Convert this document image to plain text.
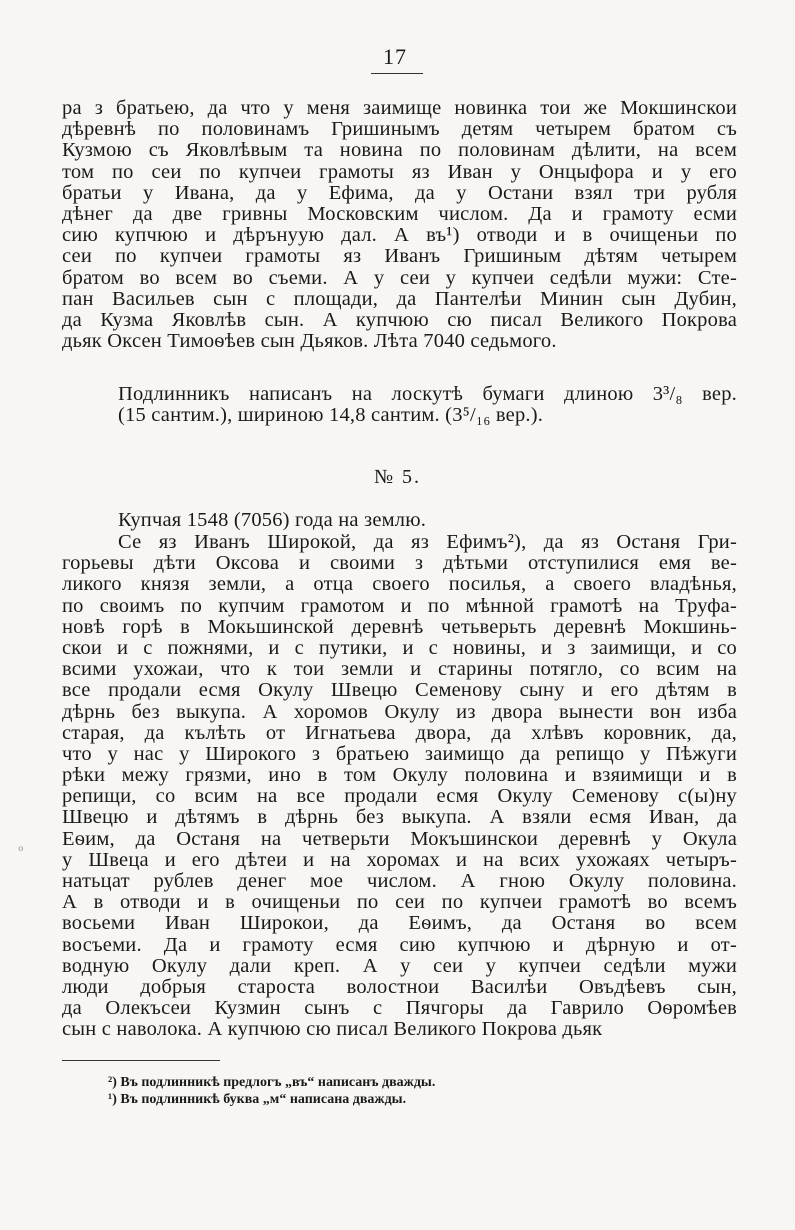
17
ра з братьею, да что у меня заимище новинка тои же Мокшинскои
дѣревнѣ по половинамъ Гришинымъ детям четырем братом съ
Кузмою съ Яковлѣвым та новина по половинам дѣлити, на всем
том по сеи по купчеи грамоты яз Иван у Онцыфора и у его
братьи у Ивана, да у Ефима, да у Остани взял три рубля
дѣнег да две гривны Московским числом. Да и грамоту есми
сию купчюю и дѣрънуую дал. А въ¹) отводи и в очищеньи по
сеи по купчеи грамоты яз Иванъ Гришиным дѣтям четырем
братом во всем во съеми. А у сеи у купчеи седѣли мужи: Сте-
пан Васильев сын с площади, да Пантелѣи Минин сын Дубин,
да Кузма Яковлѣв сын. А купчюю сю писал Великого Покрова
дьяк Оксен Тимоѳѣев сын Дьяков. Лѣта 7040 седьмого.
Подлинникъ написанъ на лоскутѣ бумаги длиною 3³/₈ вер.
(15 сантим.), шириною 14,8 сантим. (3⁵/₁₆ вер.).
№ 5.
Купчая 1548 (7056) года на землю.
Се яз Иванъ Широкой, да яз Ефимъ²), да яз Останя Гри-
горьевы дѣти Оксова и своими з дѣтьми отступилися емя ве-
ликого князя земли, а отца своего посилья, а своего владѣнья,
по своимъ по купчим грамотом и по мѣнной грамотѣ на Труфа-
новѣ горѣ в Мокьшинской деревнѣ четьверьть деревнѣ Мокшинь-
скои и с пожнями, и с путики, и с новины, и з заимищи, и со
всими ухожаи, что к тои земли и старины потягло, со всим на
все продали есмя Окулу Швецю Семенову сыну и его дѣтям в
дѣрнь без выкупа. А хоромов Окулу из двора вынести вон изба
старая, да кълѣть от Игнатьева двора, да хлѣвъ коровник, да,
что у нас у Широкого з братьею заимищо да репищо у Пѣжуги
рѣки межу грязми, ино в том Окулу половина и взяимищи и в
репищи, со всим на все продали есмя Окулу Семенову с(ы)ну
Швецю и дѣтямъ в дѣрнь без выкупа. А взяли есмя Иван, да
Еѳим, да Останя на четверьти Мокъшинскои деревнѣ у Окула
у Швеца и его дѣтеи и на хоромах и на всих ухожаях четыръ-
натьцат рублев денег мое числом. А гною Окулу половина.
А в отводи и в очищеньи по сеи по купчеи грамотѣ во всемъ
восьеми Иван Широкои, да Еѳимъ, да Останя во всем
восъеми. Да и грамоту есмя сию купчюю и дѣрную и от-
водную Окулу дали креп. А у сеи у купчеи седѣли мужи
люди добрыя староста волостнои Василѣи Овъдѣевъ сын,
да Олекъсеи Кузмин сынъ с Пячгоры да Гаврило Оѳромѣев
сын с наволока. А купчюю сю писал Великого Покрова дьяк
²) Въ подлинникѣ предлогъ „въ“ написанъ дважды.
¹) Въ подлинникѣ буква „м“ написана дважды.
ℴ
